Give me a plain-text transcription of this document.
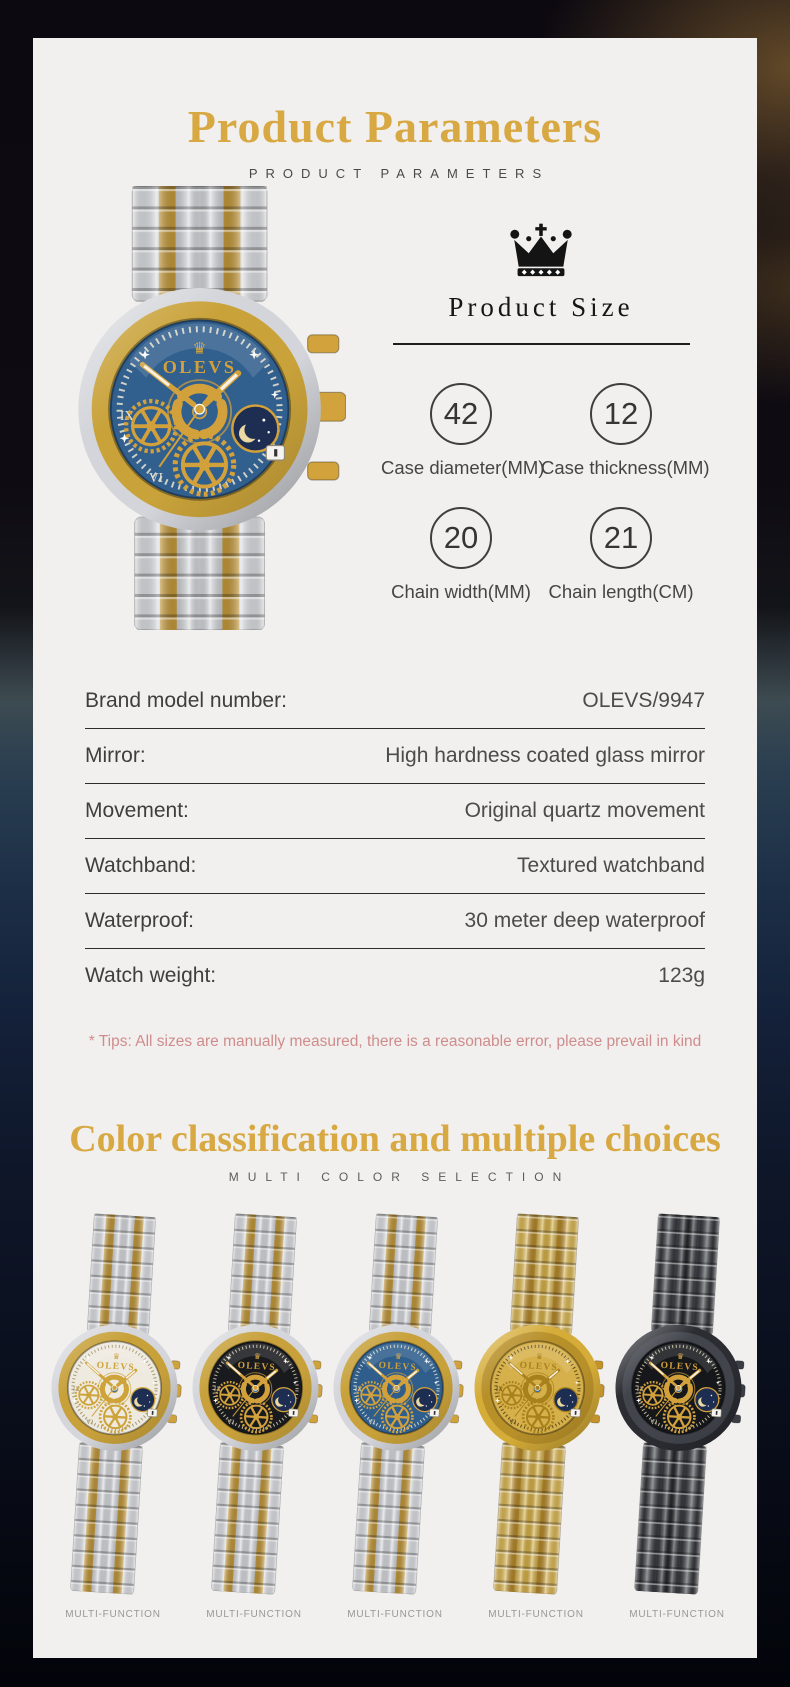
Product Parameters
PRODUCT PARAMETERS
Product Size
42
Case diameter(MM)
12
Case thickness(MM)
20
Chain width(MM)
21
Chain length(CM)
Brand model number:	OLEVS/9947
Mirror:	High hardness coated glass mirror
Movement:	Original quartz movement
Watchband:	Textured watchband
Waterproof:	30 meter deep waterproof
Watch weight:	123g
* Tips: All sizes are manually measured, there is a reasonable error, please prevail in kind
Color classification and multiple choices
MULTI COLOR SELECTION
MULTI-FUNCTION	MULTI-FUNCTION	MULTI-FUNCTION	MULTI-FUNCTION	MULTI-FUNCTION
